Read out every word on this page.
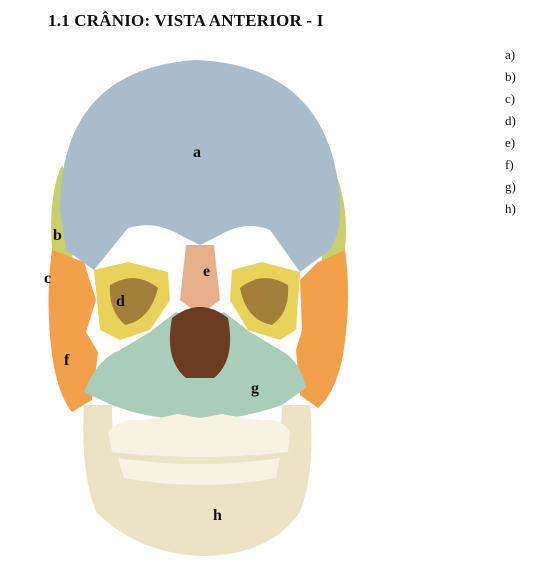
1.1 CRÂNIO: VISTA ANTERIOR - I
a)
b)
c)
d)
e)
f)
g)
h)
a
b
c
d
e
f
g
h
